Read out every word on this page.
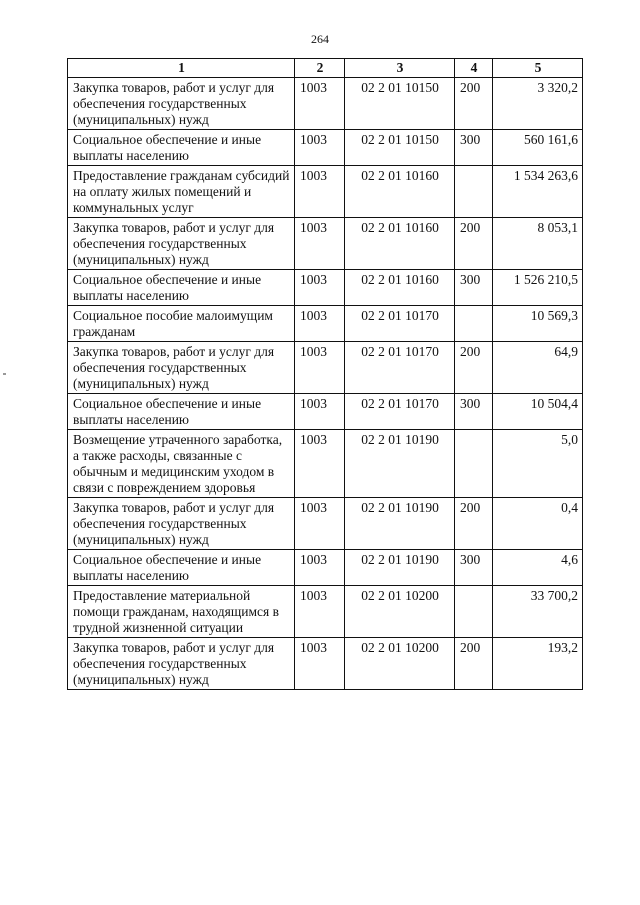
264
1	2	3	4	5
Закупка товаров, работ и услуг для обеспечения государственных (муниципальных) нужд	1003	02 2 01 10150	200	3 320,2
Социальное обеспечение и иные выплаты населению	1003	02 2 01 10150	300	560 161,6
Предоставление гражданам субсидий на оплату жилых помещений и коммунальных услуг	1003	02 2 01 10160		1 534 263,6
Закупка товаров, работ и услуг для обеспечения государственных (муниципальных) нужд	1003	02 2 01 10160	200	8 053,1
Социальное обеспечение и иные выплаты населению	1003	02 2 01 10160	300	1 526 210,5
Социальное пособие малоимущим гражданам	1003	02 2 01 10170		10 569,3
Закупка товаров, работ и услуг для обеспечения государственных (муниципальных) нужд	1003	02 2 01 10170	200	64,9
Социальное обеспечение и иные выплаты населению	1003	02 2 01 10170	300	10 504,4
Возмещение утраченного заработка, а также расходы, связанные с обычным и медицинским уходом в связи с повреждением здоровья	1003	02 2 01 10190		5,0
Закупка товаров, работ и услуг для обеспечения государственных (муниципальных) нужд	1003	02 2 01 10190	200	0,4
Социальное обеспечение и иные выплаты населению	1003	02 2 01 10190	300	4,6
Предоставление материальной помощи гражданам, находящимся в трудной жизненной ситуации	1003	02 2 01 10200		33 700,2
Закупка товаров, работ и услуг для обеспечения государственных (муниципальных) нужд	1003	02 2 01 10200	200	193,2
